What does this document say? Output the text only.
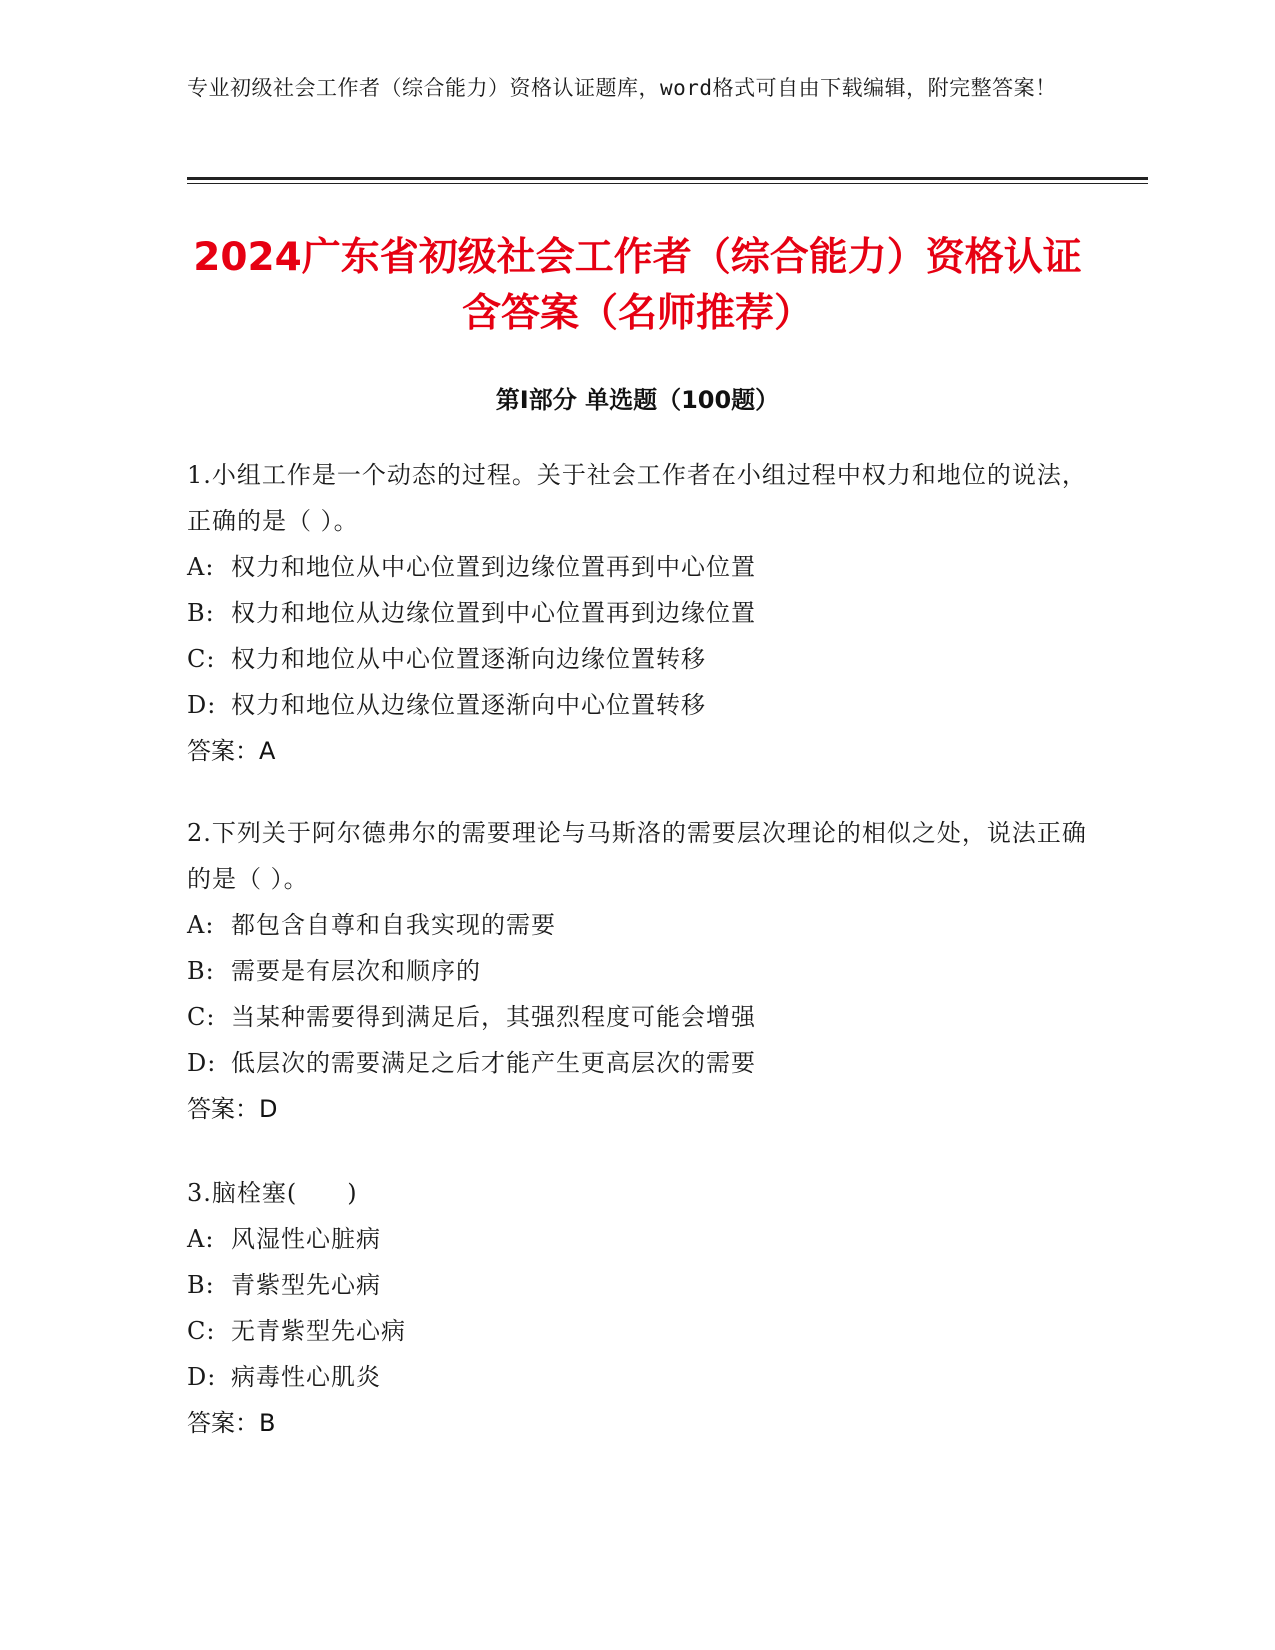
专业初级社会工作者（综合能力）资格认证题库，word格式可自由下载编辑，附完整答案！
2024广东省初级社会工作者（综合能力）资格认证含答案（名师推荐）
第I部分 单选题（100题）

1.小组工作是一个动态的过程。关于社会工作者在小组过程中权力和地位的说法，正确的是（ ）。

A: 权力和地位从中心位置到边缘位置再到中心位置

B: 权力和地位从边缘位置到中心位置再到边缘位置

C: 权力和地位从中心位置逐渐向边缘位置转移

D: 权力和地位从边缘位置逐渐向中心位置转移

答案：A

2.下列关于阿尔德弗尔的需要理论与马斯洛的需要层次理论的相似之处，说法正确的是（ ）。

A: 都包含自尊和自我实现的需要

B: 需要是有层次和顺序的

C: 当某种需要得到满足后，其强烈程度可能会增强

D: 低层次的需要满足之后才能产生更高层次的需要

答案：D

3.脑栓塞(　　)

A: 风湿性心脏病

B: 青紫型先心病

C: 无青紫型先心病

D: 病毒性心肌炎

答案：B
